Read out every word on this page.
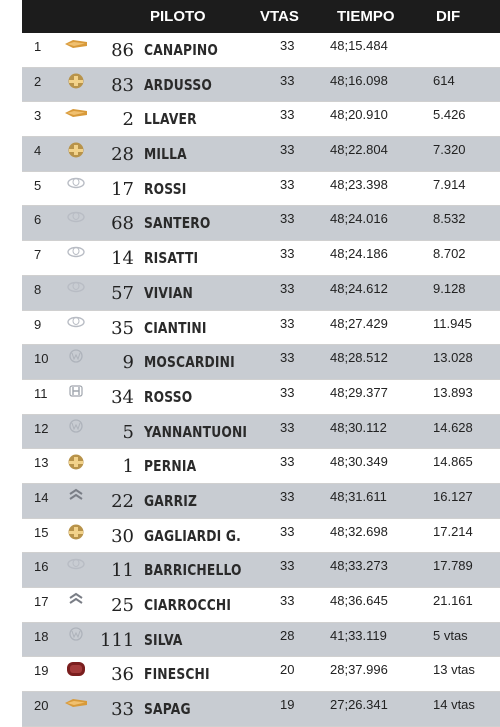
PILOTO	VTAS	TIEMPO	DIF
1	86 CANAPINO	33	48;15.484
2	83 ARDUSSO	33	48;16.098	614
3	2 LLAVER	33	48;20.910	5.426
4	28 MILLA	33	48;22.804	7.320
5	17 ROSSI	33	48;23.398	7.914
6	68 SANTERO	33	48;24.016	8.532
7	14 RISATTI	33	48;24.186	8.702
8	57 VIVIAN	33	48;24.612	9.128
9	35 CIANTINI	33	48;27.429	11.945
10	9 MOSCARDINI	33	48;28.512	13.028
11	34 ROSSO	33	48;29.377	13.893
12	5 YANNANTUONI	33	48;30.112	14.628
13	1 PERNIA	33	48;30.349	14.865
14	22 GARRIZ	33	48;31.611	16.127
15	30 GAGLIARDI G.	33	48;32.698	17.214
16	11 BARRICHELLO	33	48;33.273	17.789
17	25 CIARROCCHI	33	48;36.645	21.161
18	111 SILVA	28	41;33.119	5 vtas
19	36 FINESCHI	20	28;37.996	13 vtas
20	33 SAPAG	19	27;26.341	14 vtas
